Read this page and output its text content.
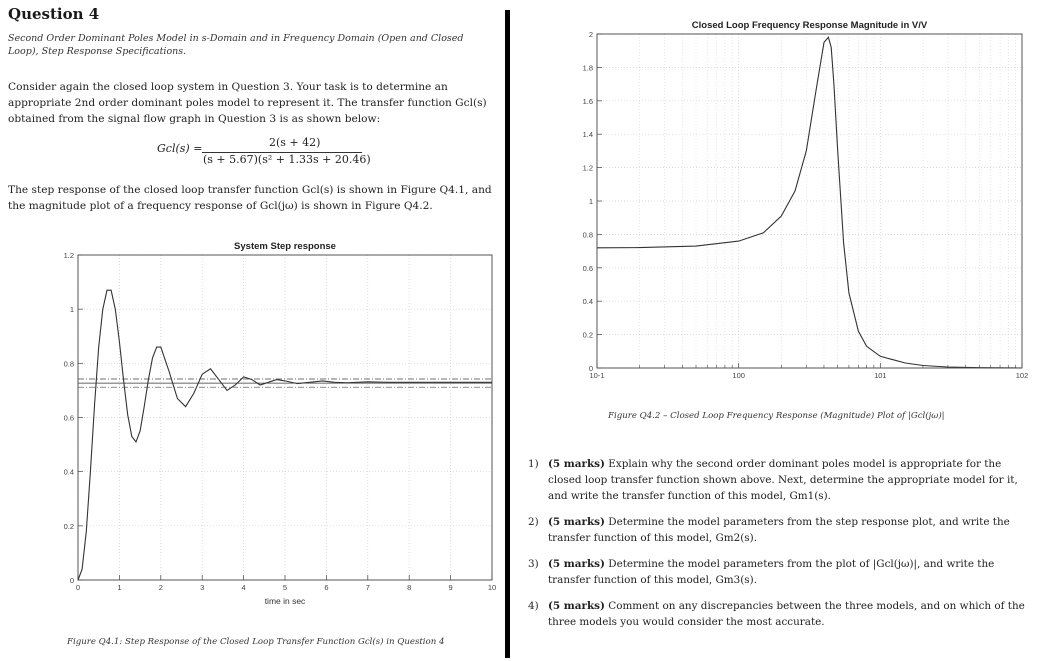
Question 4
Second Order Dominant Poles Model in s-Domain and in Frequency Domain (Open and Closed Loop), Step Response Specifications.
Consider again the closed loop system in Question 3. Your task is to determine an appropriate 2nd order dominant poles model to represent it. The transfer function Gcl(s) obtained from the signal flow graph in Question 3 is as shown below:
Gcl(s) =	2(s + 42)
(s + 5.67)(s² + 1.33s + 20.46)
The step response of the closed loop transfer function Gcl(s) is shown in Figure Q4.1, and the magnitude plot of a frequency response of Gcl(jω) is shown in Figure Q4.2.
0	1	2	3	4	5	6	7	8	9	10
0
0.2
0.4
0.6
0.8
1
1.2
System Step response
time in sec
Figure Q4.1: Step Response of the Closed Loop Transfer Function Gcl(s) in Question 4
10-1	100	101	102
0
0.2
0.4
0.6
0.8
1
1.2
1.4
1.6
1.8
2
Closed Loop Frequency Response Magnitude in V/V
Figure Q4.2 – Closed Loop Frequency Response (Magnitude) Plot of |Gcl(jω)|
1) (5 marks) Explain why the second order dominant poles model is appropriate for the closed loop transfer function shown above. Next, determine the appropriate model for it, and write the transfer function of this model, Gm1(s).
2) (5 marks) Determine the model parameters from the step response plot, and write the transfer function of this model, Gm2(s).
3) (5 marks) Determine the model parameters from the plot of |Gcl(jω)|, and write the transfer function of this model, Gm3(s).
4) (5 marks) Comment on any discrepancies between the three models, and on which of the three models you would consider the most accurate.
